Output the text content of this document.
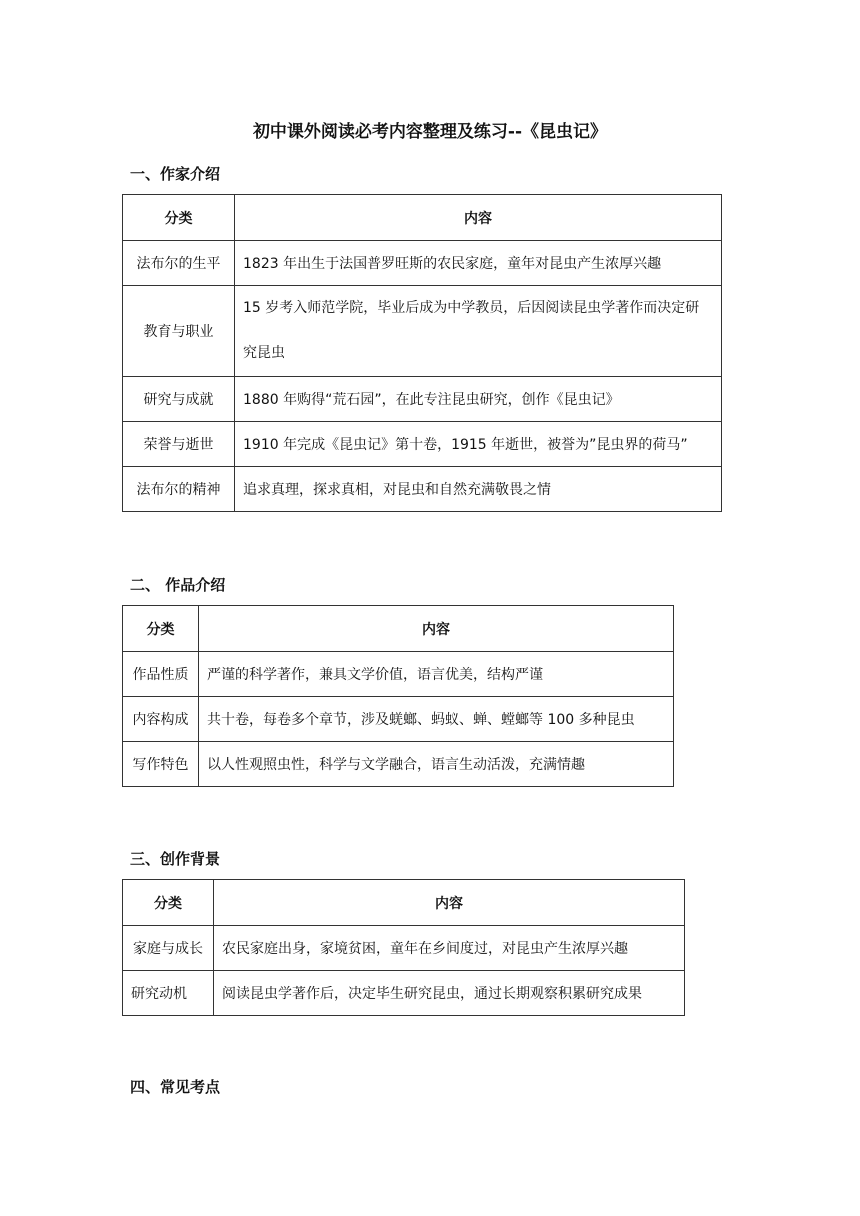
初中课外阅读必考内容整理及练习--《昆虫记》
一、作家介绍
分类	内容
法布尔的生平	1823 年出生于法国普罗旺斯的农民家庭，童年对昆虫产生浓厚兴趣
教育与职业	15 岁考入师范学院，毕业后成为中学教员，后因阅读昆虫学著作而决定研究昆虫
研究与成就	1880 年购得“荒石园”，在此专注昆虫研究，创作《昆虫记》
荣誉与逝世	1910 年完成《昆虫记》第十卷，1915 年逝世，被誉为”昆虫界的荷马”
法布尔的精神	追求真理，探求真相，对昆虫和自然充满敬畏之情
二、 作品介绍
分类	内容
作品性质	严谨的科学著作，兼具文学价值，语言优美，结构严谨
内容构成	共十卷，每卷多个章节，涉及蜣螂、蚂蚁、蝉、螳螂等 100 多种昆虫
写作特色	以人性观照虫性，科学与文学融合，语言生动活泼，充满情趣
三、创作背景
分类	内容
家庭与成长	农民家庭出身，家境贫困，童年在乡间度过，对昆虫产生浓厚兴趣
研究动机	阅读昆虫学著作后，决定毕生研究昆虫，通过长期观察积累研究成果
四、常见考点
